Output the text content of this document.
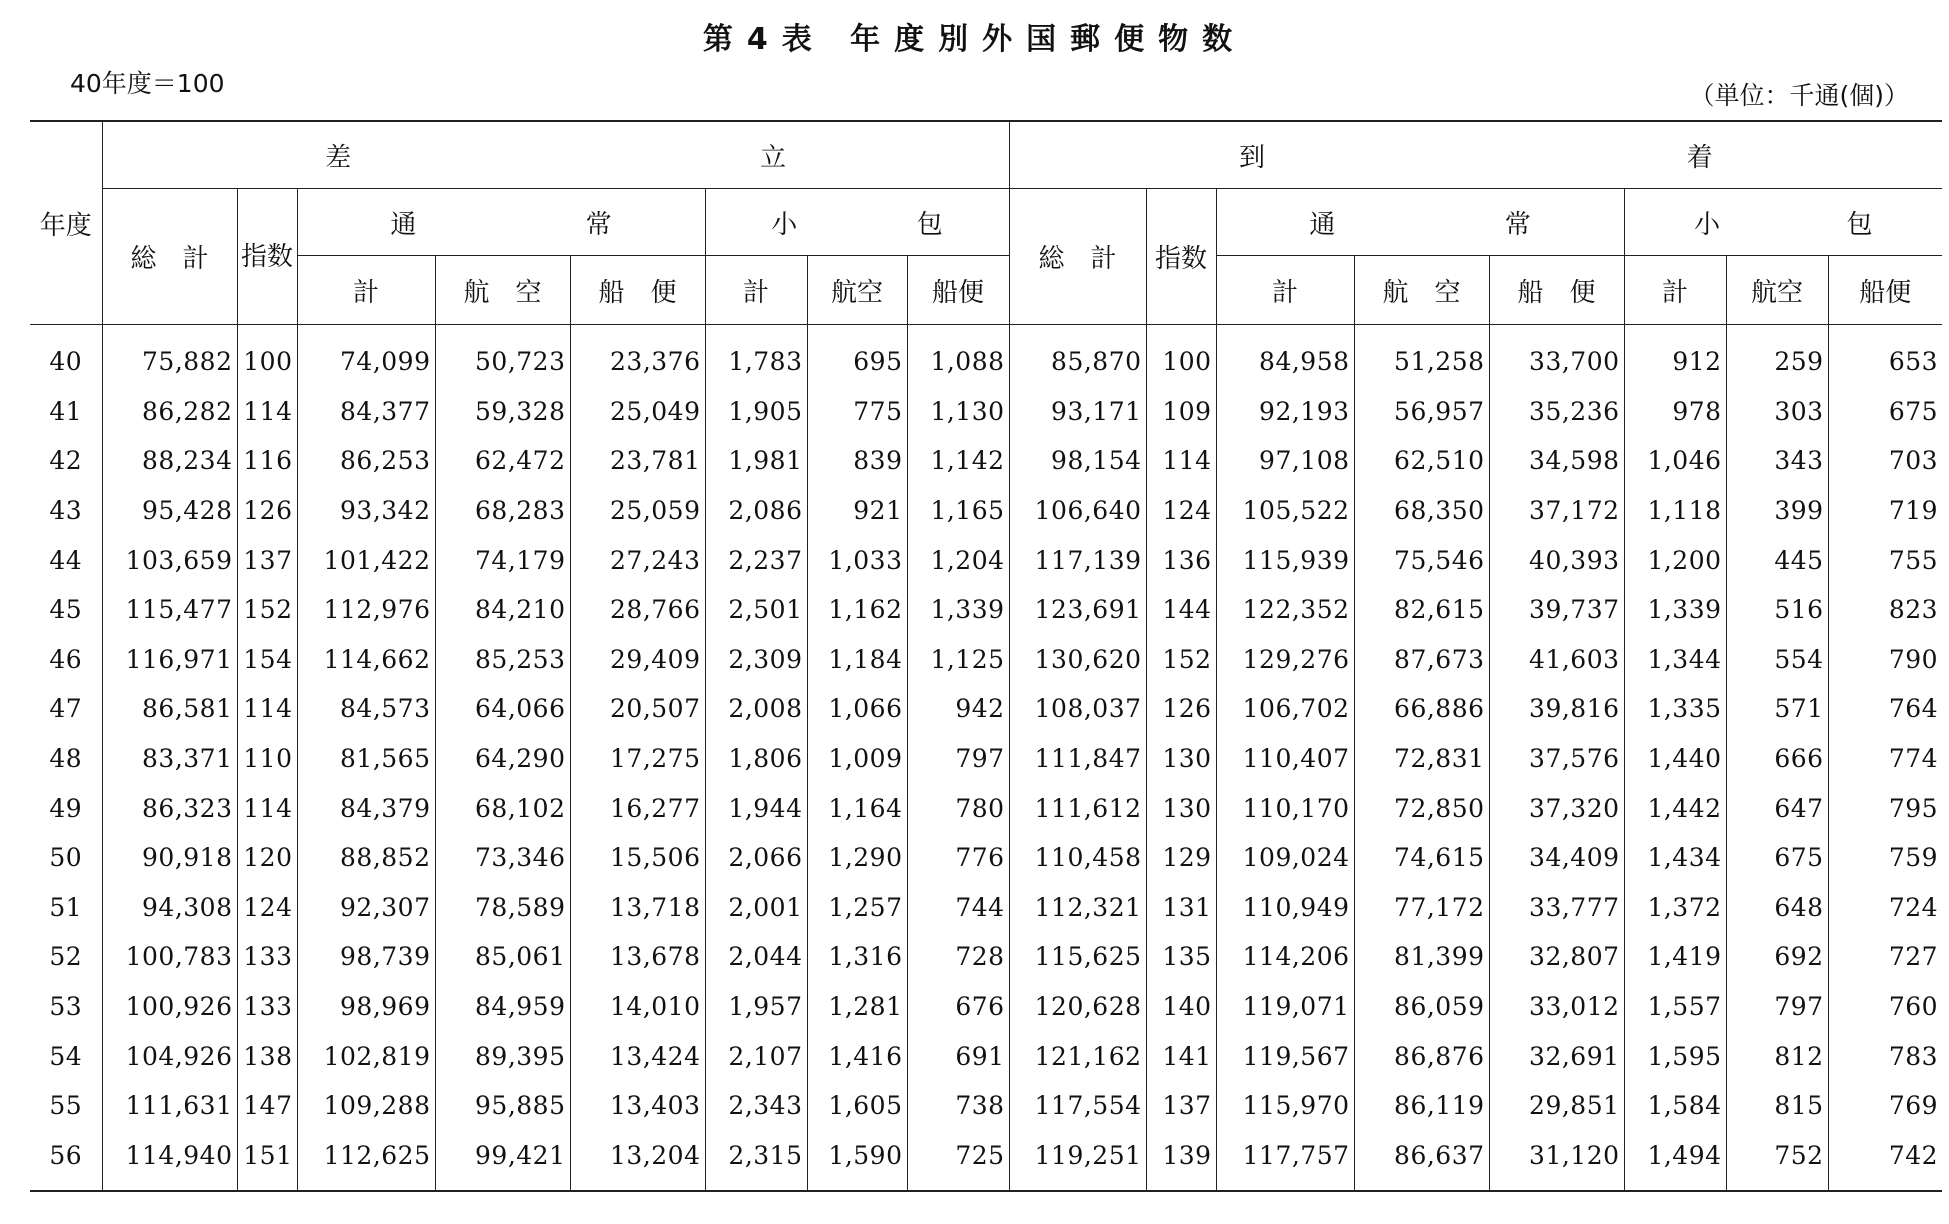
第4表 年度別外国郵便物数
40年度＝100	（単位：千通(個)）
年度	差 立								到 着							
	総　計	指数	通 常			小 包			総　計	指数	通 常			小 包		
			計	航　空	船　便	計	航空	船便			計	航　空	船　便	計	航空	船便
40	75,882	100	74,099	50,723	23,376	1,783	695	1,088	85,870	100	84,958	51,258	33,700	912	259	653
41	86,282	114	84,377	59,328	25,049	1,905	775	1,130	93,171	109	92,193	56,957	35,236	978	303	675
42	88,234	116	86,253	62,472	23,781	1,981	839	1,142	98,154	114	97,108	62,510	34,598	1,046	343	703
43	95,428	126	93,342	68,283	25,059	2,086	921	1,165	106,640	124	105,522	68,350	37,172	1,118	399	719
44	103,659	137	101,422	74,179	27,243	2,237	1,033	1,204	117,139	136	115,939	75,546	40,393	1,200	445	755
45	115,477	152	112,976	84,210	28,766	2,501	1,162	1,339	123,691	144	122,352	82,615	39,737	1,339	516	823
46	116,971	154	114,662	85,253	29,409	2,309	1,184	1,125	130,620	152	129,276	87,673	41,603	1,344	554	790
47	86,581	114	84,573	64,066	20,507	2,008	1,066	942	108,037	126	106,702	66,886	39,816	1,335	571	764
48	83,371	110	81,565	64,290	17,275	1,806	1,009	797	111,847	130	110,407	72,831	37,576	1,440	666	774
49	86,323	114	84,379	68,102	16,277	1,944	1,164	780	111,612	130	110,170	72,850	37,320	1,442	647	795
50	90,918	120	88,852	73,346	15,506	2,066	1,290	776	110,458	129	109,024	74,615	34,409	1,434	675	759
51	94,308	124	92,307	78,589	13,718	2,001	1,257	744	112,321	131	110,949	77,172	33,777	1,372	648	724
52	100,783	133	98,739	85,061	13,678	2,044	1,316	728	115,625	135	114,206	81,399	32,807	1,419	692	727
53	100,926	133	98,969	84,959	14,010	1,957	1,281	676	120,628	140	119,071	86,059	33,012	1,557	797	760
54	104,926	138	102,819	89,395	13,424	2,107	1,416	691	121,162	141	119,567	86,876	32,691	1,595	812	783
55	111,631	147	109,288	95,885	13,403	2,343	1,605	738	117,554	137	115,970	86,119	29,851	1,584	815	769
56	114,940	151	112,625	99,421	13,204	2,315	1,590	725	119,251	139	117,757	86,637	31,120	1,494	752	742
